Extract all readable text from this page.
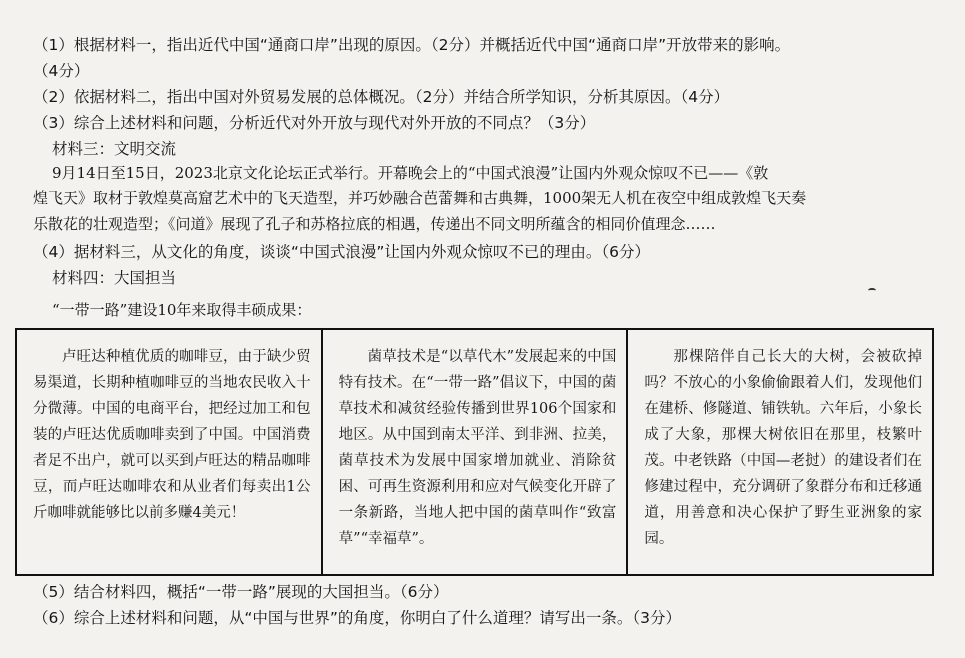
（1）根据材料一，指出近代中国“通商口岸”出现的原因。（2分）并概括近代中国“通商口岸”开放带来的影响。
（4分）
（2）依据材料二，指出中国对外贸易发展的总体概况。（2分）并结合所学知识，分析其原因。（4分）
（3）综合上述材料和问题，分析近代对外开放与现代对外开放的不同点？（3分）
材料三：文明交流
9月14日至15日，2023北京文化论坛正式举行。开幕晚会上的“中国式浪漫”让国内外观众惊叹不已——《敦
煌飞天》取材于敦煌莫高窟艺术中的飞天造型，并巧妙融合芭蕾舞和古典舞，1000架无人机在夜空中组成敦煌飞天奏
乐散花的壮观造型；《问道》展现了孔子和苏格拉底的相遇，传递出不同文明所蕴含的相同价值理念……
（4）据材料三，从文化的角度，谈谈“中国式浪漫”让国内外观众惊叹不已的理由。（6分）
材料四：大国担当
“一带一路”建设10年来取得丰硕成果：
卢旺达种植优质的咖啡豆，由于缺少贸易渠道，长期种植咖啡豆的当地农民收入十分微薄。中国的电商平台，把经过加工和包装的卢旺达优质咖啡卖到了中国。中国消费者足不出户，就可以买到卢旺达的精品咖啡豆，而卢旺达咖啡农和从业者们每卖出1公斤咖啡就能够比以前多赚4美元！
菌草技术是“以草代木”发展起来的中国特有技术。在“一带一路”倡议下，中国的菌草技术和减贫经验传播到世界106个国家和地区。从中国到南太平洋、到非洲、拉美，菌草技术为发展中国家增加就业、消除贫困、可再生资源利用和应对气候变化开辟了一条新路，当地人把中国的菌草叫作“致富草”“幸福草”。
那棵陪伴自己长大的大树，会被砍掉吗？不放心的小象偷偷跟着人们，发现他们在建桥、修隧道、铺铁轨。六年后，小象长成了大象，那棵大树依旧在那里，枝繁叶茂。中老铁路（中国—老挝）的建设者们在修建过程中，充分调研了象群分布和迁移通道，用善意和决心保护了野生亚洲象的家园。
（5）结合材料四，概括“一带一路”展现的大国担当。（6分）
（6）综合上述材料和问题，从“中国与世界”的角度，你明白了什么道理？请写出一条。（3分）
